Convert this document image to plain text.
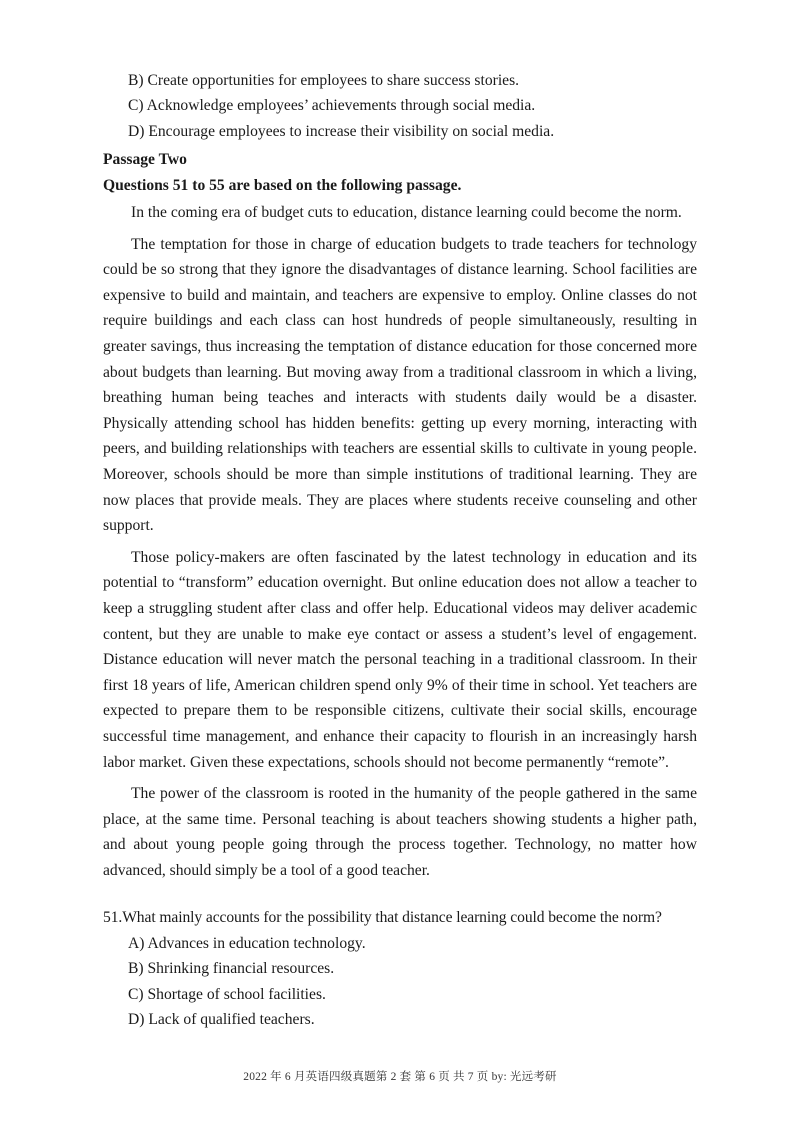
B) Create opportunities for employees to share success stories.
C) Acknowledge employees’ achievements through social media.
D) Encourage employees to increase their visibility on social media.
Passage Two
Questions 51 to 55 are based on the following passage.

In the coming era of budget cuts to education, distance learning could become the norm.

The temptation for those in charge of education budgets to trade teachers for technology could be so strong that they ignore the disadvantages of distance learning. School facilities are expensive to build and maintain, and teachers are expensive to employ. Online classes do not require buildings and each class can host hundreds of people simultaneously, resulting in greater savings, thus increasing the temptation of distance education for those concerned more about budgets than learning. But moving away from a traditional classroom in which a living, breathing human being teaches and interacts with students daily would be a disaster. Physically attending school has hidden benefits: getting up every morning, interacting with peers, and building relationships with teachers are essential skills to cultivate in young people. Moreover, schools should be more than simple institutions of traditional learning. They are now places that provide meals. They are places where students receive counseling and other support.

Those policy-makers are often fascinated by the latest technology in education and its potential to “transform” education overnight. But online education does not allow a teacher to keep a struggling student after class and offer help. Educational videos may deliver academic content, but they are unable to make eye contact or assess a student’s level of engagement. Distance education will never match the personal teaching in a traditional classroom. In their first 18 years of life, American children spend only 9% of their time in school. Yet teachers are expected to prepare them to be responsible citizens, cultivate their social skills, encourage successful time management, and enhance their capacity to flourish in an increasingly harsh labor market. Given these expectations, schools should not become permanently “remote”.

The power of the classroom is rooted in the humanity of the people gathered in the same place, at the same time. Personal teaching is about teachers showing students a higher path, and about young people going through the process together. Technology, no matter how advanced, should simply be a tool of a good teacher.

51.What mainly accounts for the possibility that distance learning could become the norm?
A) Advances in education technology.
B) Shrinking financial resources.
C) Shortage of school facilities.
D) Lack of qualified teachers.
2022 年 6 月英语四级真题第 2 套 第 6 页 共 7 页 by: 光远考研
